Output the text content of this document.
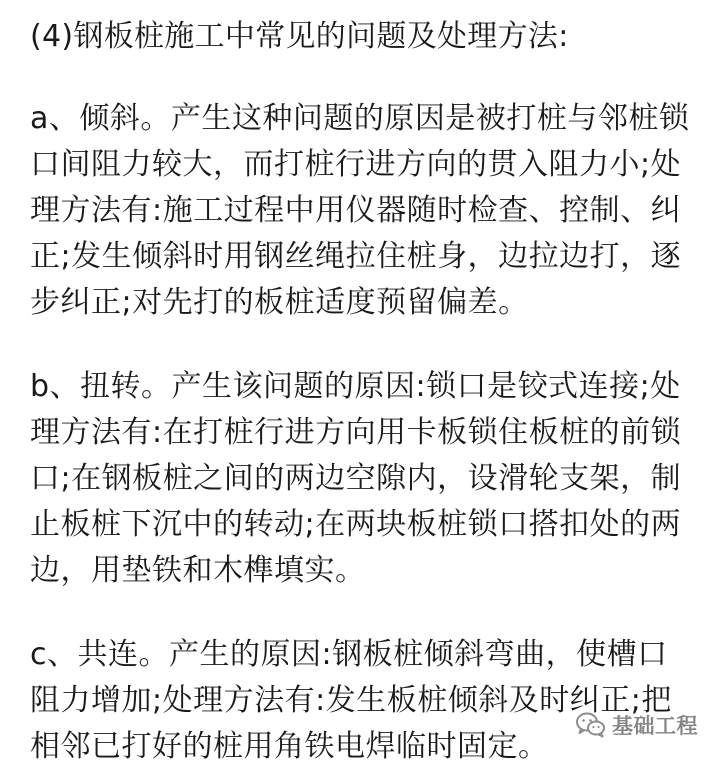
(4)钢板桩施工中常见的问题及处理方法:

a、倾斜。产生这种问题的原因是被打桩与邻桩锁口间阻力较大，而打桩行进方向的贯入阻力小;处理方法有:施工过程中用仪器随时检查、控制、纠正;发生倾斜时用钢丝绳拉住桩身，边拉边打，逐步纠正;对先打的板桩适度预留偏差。

b、扭转。产生该问题的原因:锁口是铰式连接;处理方法有:在打桩行进方向用卡板锁住板桩的前锁口;在钢板桩之间的两边空隙内，设滑轮支架，制止板桩下沉中的转动;在两块板桩锁口搭扣处的两边，用垫铁和木榫填实。

c、共连。产生的原因:钢板桩倾斜弯曲，使槽口阻力增加;处理方法有:发生板桩倾斜及时纠正;把相邻已打好的桩用角铁电焊临时固定。

基础工程
